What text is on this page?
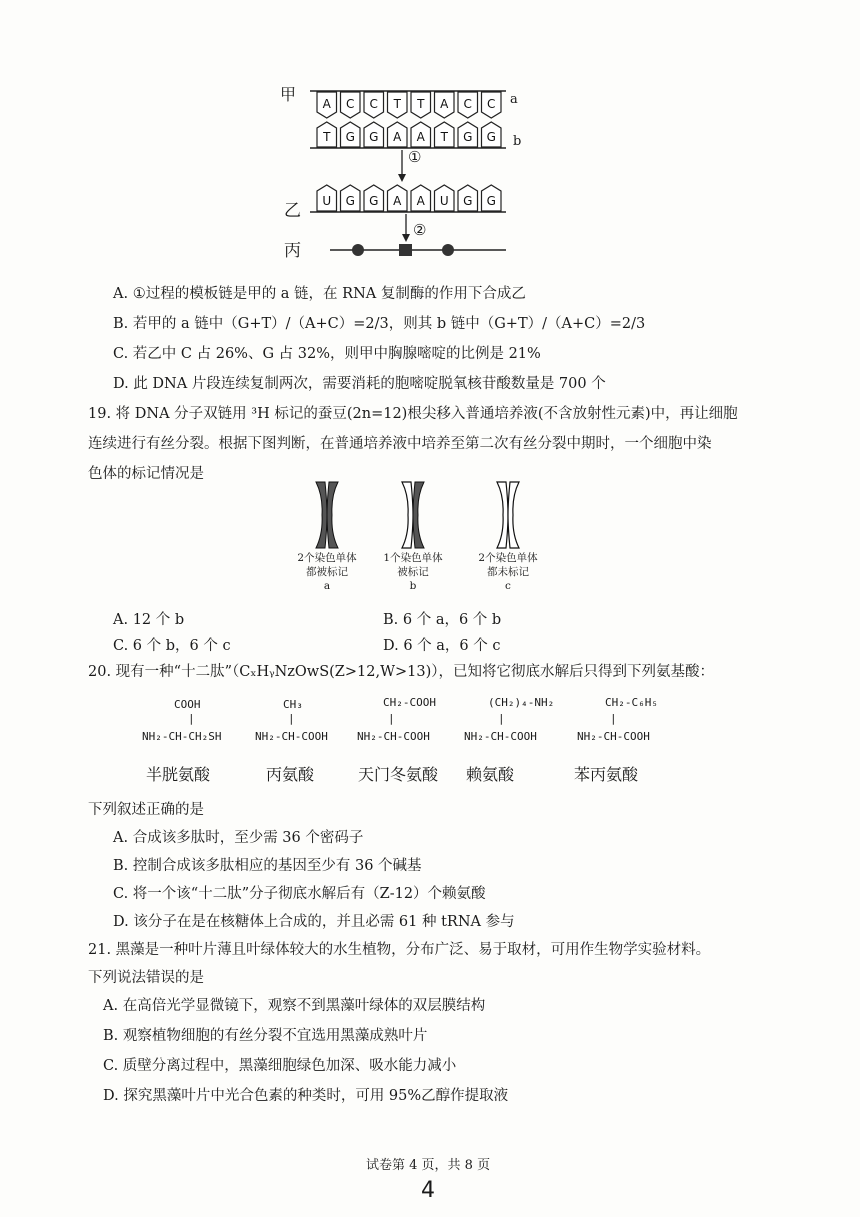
甲
乙
丙
a
b
①
②
A C C T T A C C
T G G A A T G G
U G G A A U G G
A. ①过程的模板链是甲的 a 链，在 RNA 复制酶的作用下合成乙
B. 若甲的 a 链中（G+T）/（A+C）=2/3，则其 b 链中（G+T）/（A+C）=2/3
C. 若乙中 C 占 26%、G 占 32%，则甲中胸腺嘧啶的比例是 21%
D. 此 DNA 片段连续复制两次，需要消耗的胞嘧啶脱氧核苷酸数量是 700 个
19. 将 DNA 分子双链用 ³H 标记的蚕豆(2n=12)根尖移入普通培养液(不含放射性元素)中，再让细胞
连续进行有丝分裂。根据下图判断，在普通培养液中培养至第二次有丝分裂中期时，一个细胞中染
色体的标记情况是
2个染色单体
都被标记
a
1个染色单体
被标记
b
2个染色单体
都未标记
c
A. 12 个 b	B. 6 个 a，6 个 b
C. 6 个 b，6 个 c	D. 6 个 a，6 个 c
20. 现有一种“十二肽”（CₓHᵧNzOwS(Z>12,W>13)），已知将它彻底水解后只得到下列氨基酸：
COOH
|
NH₂-CH-CH₂SH
半胱氨酸
CH₃
|
NH₂-CH-COOH
丙氨酸
CH₂-COOH
|
NH₂-CH-COOH
天门冬氨酸
(CH₂)₄-NH₂
|
NH₂-CH-COOH
赖氨酸
CH₂-C₆H₅
|
NH₂-CH-COOH
苯丙氨酸
下列叙述正确的是
A. 合成该多肽时，至少需 36 个密码子
B. 控制合成该多肽相应的基因至少有 36 个碱基
C. 将一个该“十二肽”分子彻底水解后有（Z-12）个赖氨酸
D. 该分子在是在核糖体上合成的，并且必需 61 种 tRNA 参与
21. 黑藻是一种叶片薄且叶绿体较大的水生植物，分布广泛、易于取材，可用作生物学实验材料。
下列说法错误的是
A. 在高倍光学显微镜下，观察不到黑藻叶绿体的双层膜结构
B. 观察植物细胞的有丝分裂不宜选用黑藻成熟叶片
C. 质壁分离过程中，黑藻细胞绿色加深、吸水能力减小
D. 探究黑藻叶片中光合色素的种类时，可用 95%乙醇作提取液
试卷第 4 页，共 8 页
4
